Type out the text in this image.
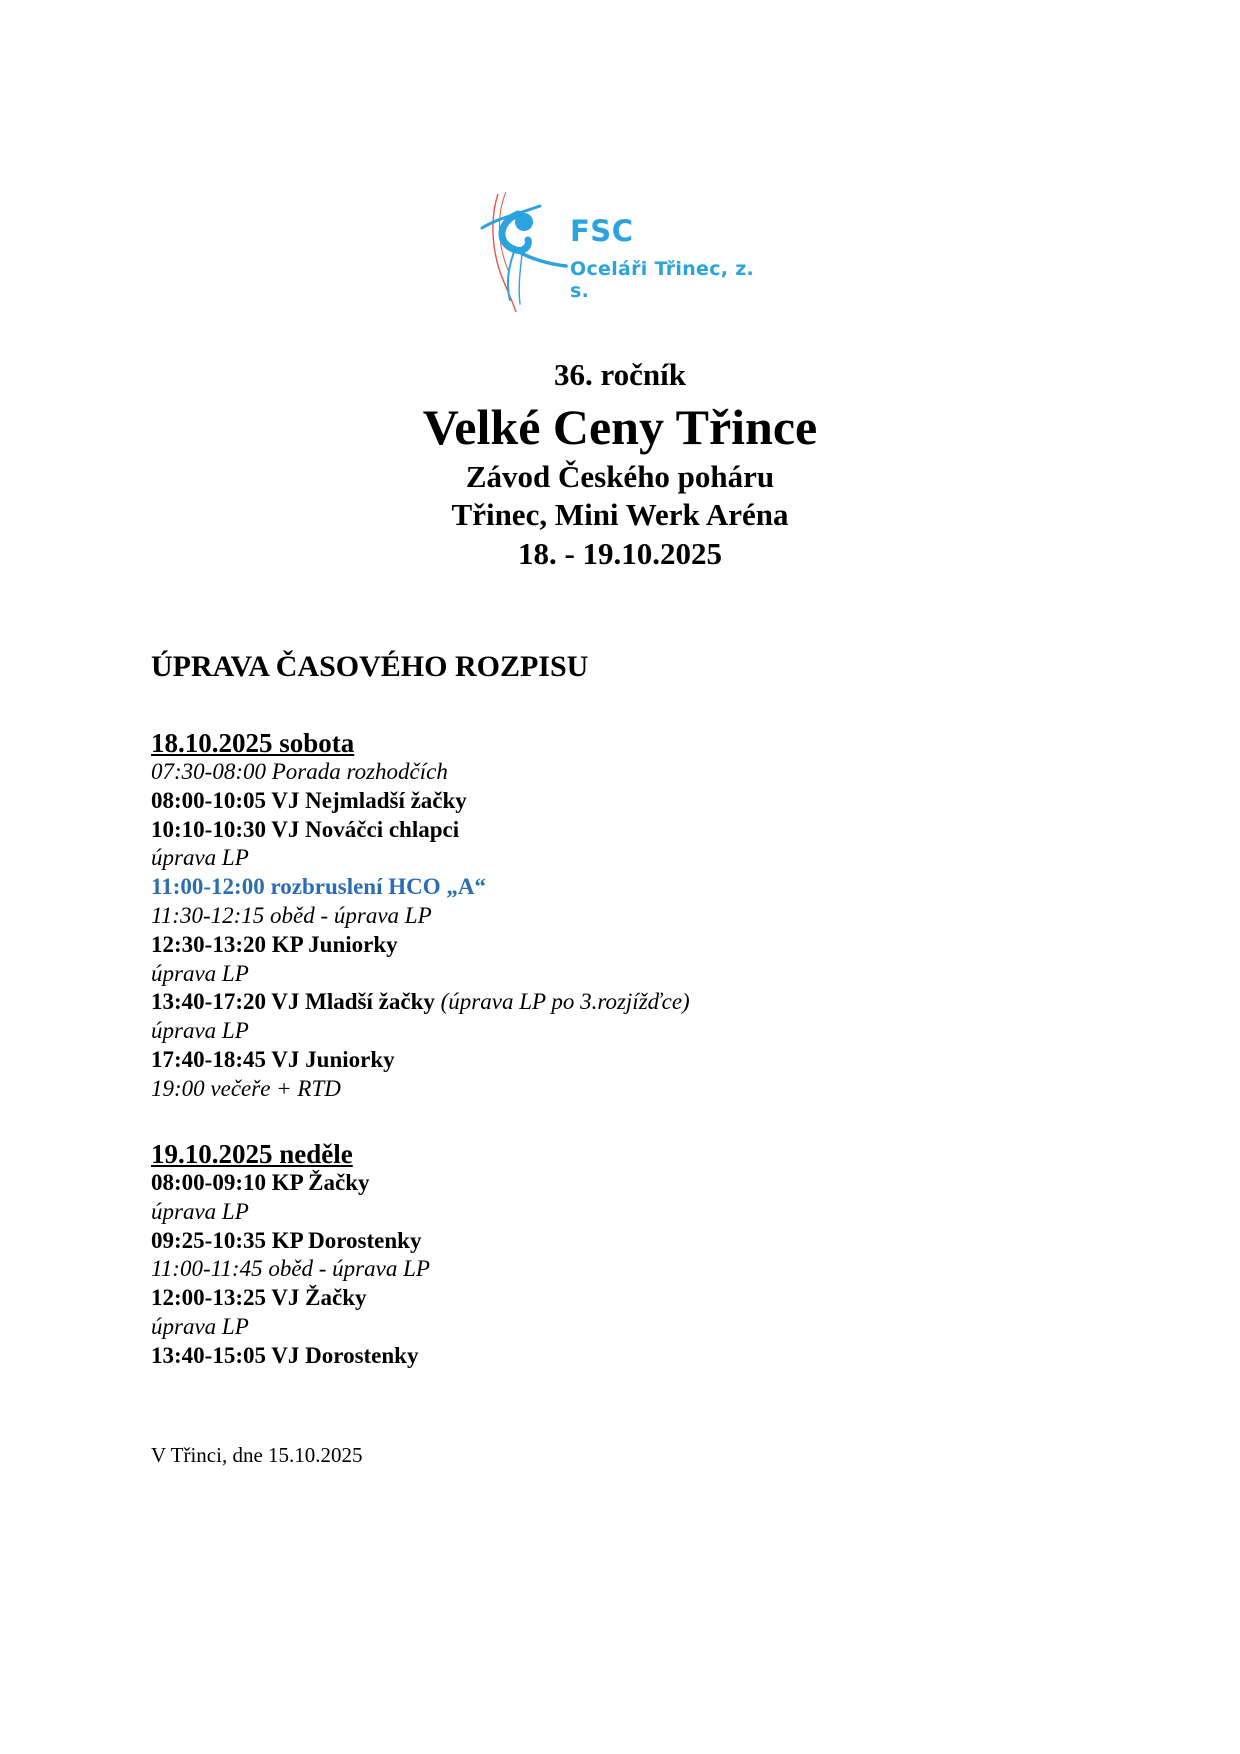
FSC
Oceláři Třinec, z. s.
36. ročník
Velké Ceny Třince
Závod Českého poháru
Třinec, Mini Werk Aréna
18. - 19.10.2025
ÚPRAVA ČASOVÉHO ROZPISU
18.10.2025 sobota
07:30-08:00 Porada rozhodčích
08:00-10:05 VJ Nejmladší žačky
10:10-10:30 VJ Nováčci chlapci
úprava LP
11:00-12:00 rozbruslení HCO „A“
11:30-12:15 oběd - úprava LP
12:30-13:20 KP Juniorky
úprava LP
13:40-17:20 VJ Mladší žačky (úprava LP po 3.rozjížďce)
úprava LP
17:40-18:45 VJ Juniorky
19:00 večeře + RTD
19.10.2025 neděle
08:00-09:10 KP Žačky
úprava LP
09:25-10:35 KP Dorostenky
11:00-11:45 oběd - úprava LP
12:00-13:25 VJ Žačky
úprava LP
13:40-15:05 VJ Dorostenky
V Třinci, dne 15.10.2025
